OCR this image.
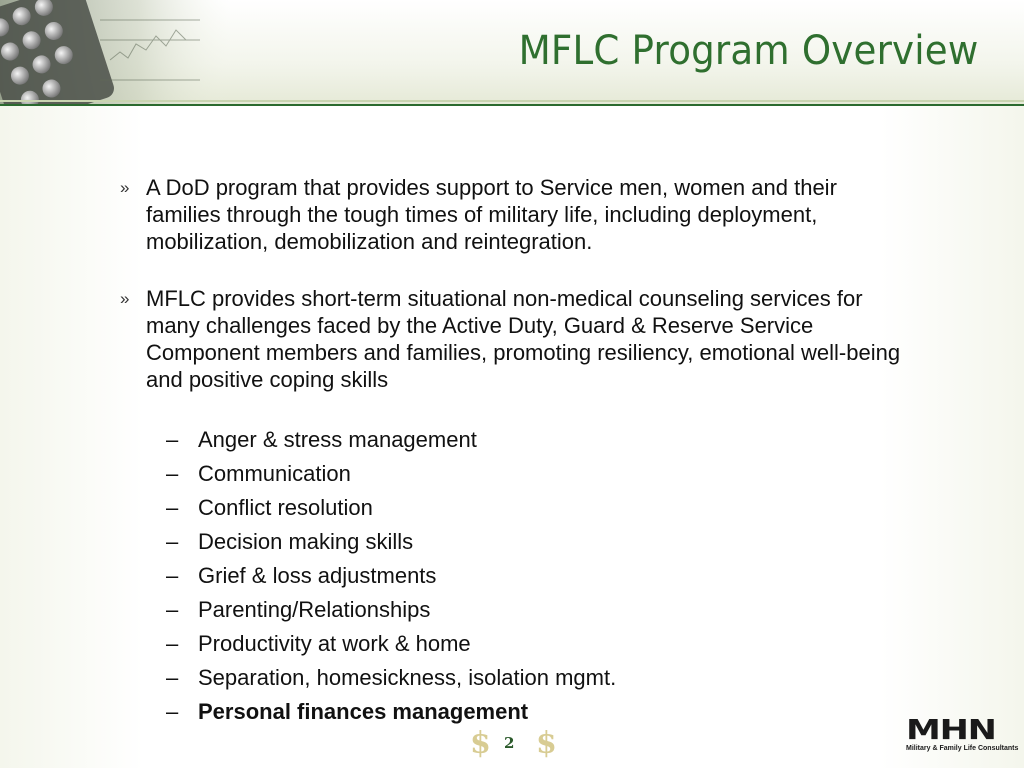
MFLC Program Overview
» A DoD program that provides support to Service men, women and their families through the tough times of military life, including deployment, mobilization, demobilization and reintegration.
» MFLC provides short-term situational non-medical counseling services for many challenges faced by the Active Duty, Guard & Reserve Service Component members and families, promoting resiliency, emotional well-being and positive coping skills
– Anger & stress management
– Communication
– Conflict resolution
– Decision making skills
– Grief & loss adjustments
– Parenting/Relationships
– Productivity at work & home
– Separation, homesickness, isolation mgmt.
– Personal finances management
$ 2 $	MHN
Military & Family Life Consultants
